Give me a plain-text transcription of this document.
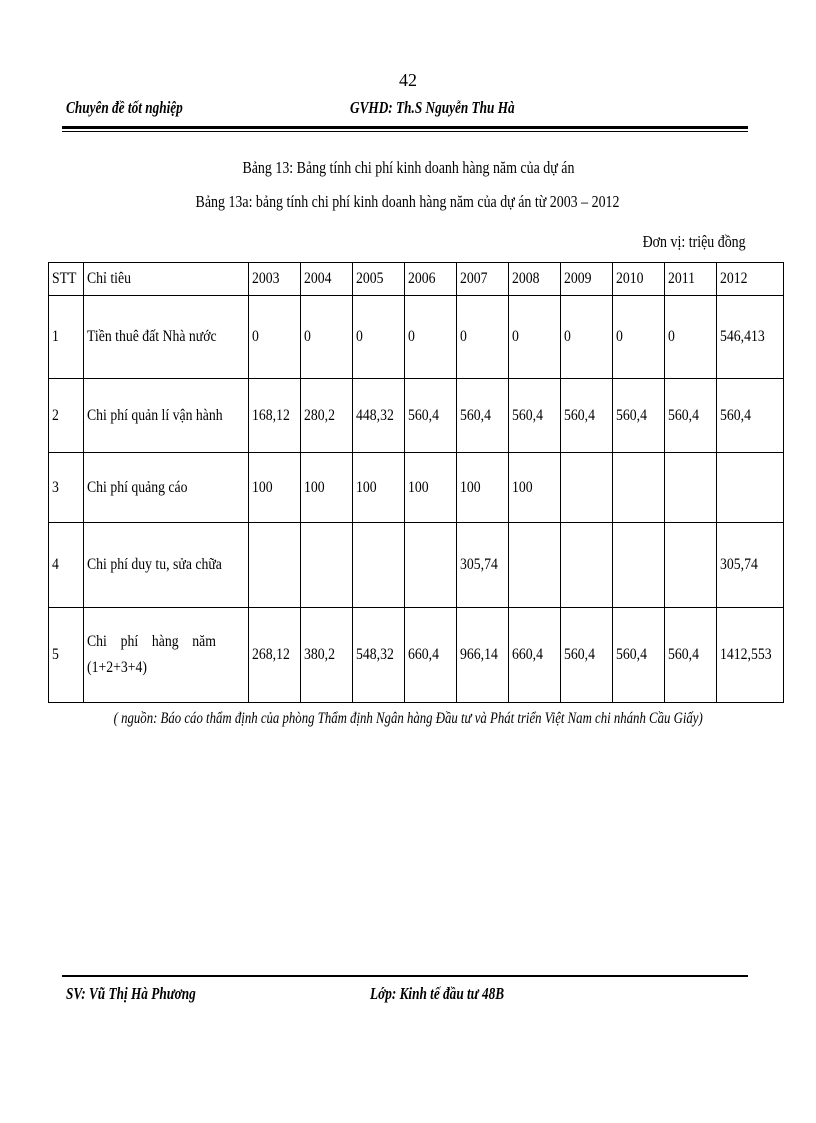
42
Chuyên đề tốt nghiệp	GVHD: Th.S Nguyễn Thu Hà
Bảng 13: Bảng tính chi phí kinh doanh hàng năm của dự án
Bảng 13a: bảng tính chi phí kinh doanh hàng năm của dự án từ 2003 – 2012
Đơn vị: triệu đồng
STT	Chỉ tiêu	2003	2004	2005	2006	2007	2008	2009	2010	2011	2012
1	Tiền thuê đất Nhà nước	0	0	0	0	0	0	0	0	0	546,413
2	Chi phí quản lí vận hành	168,12	280,2	448,32	560,4	560,4	560,4	560,4	560,4	560,4	560,4
3	Chi phí quảng cáo	100	100	100	100	100	100				
4	Chi phí duy tu, sửa chữa					305,74					305,74
5	Chi phí hàng năm (1+2+3+4)	268,12	380,2	548,32	660,4	966,14	660,4	560,4	560,4	560,4	1412,553
( nguồn: Báo cáo thẩm định của phòng Thẩm định Ngân hàng Đầu tư và Phát triển Việt Nam chi nhánh Cầu Giấy)
SV: Vũ Thị Hà Phương	Lớp: Kinh tế đầu tư 48B
